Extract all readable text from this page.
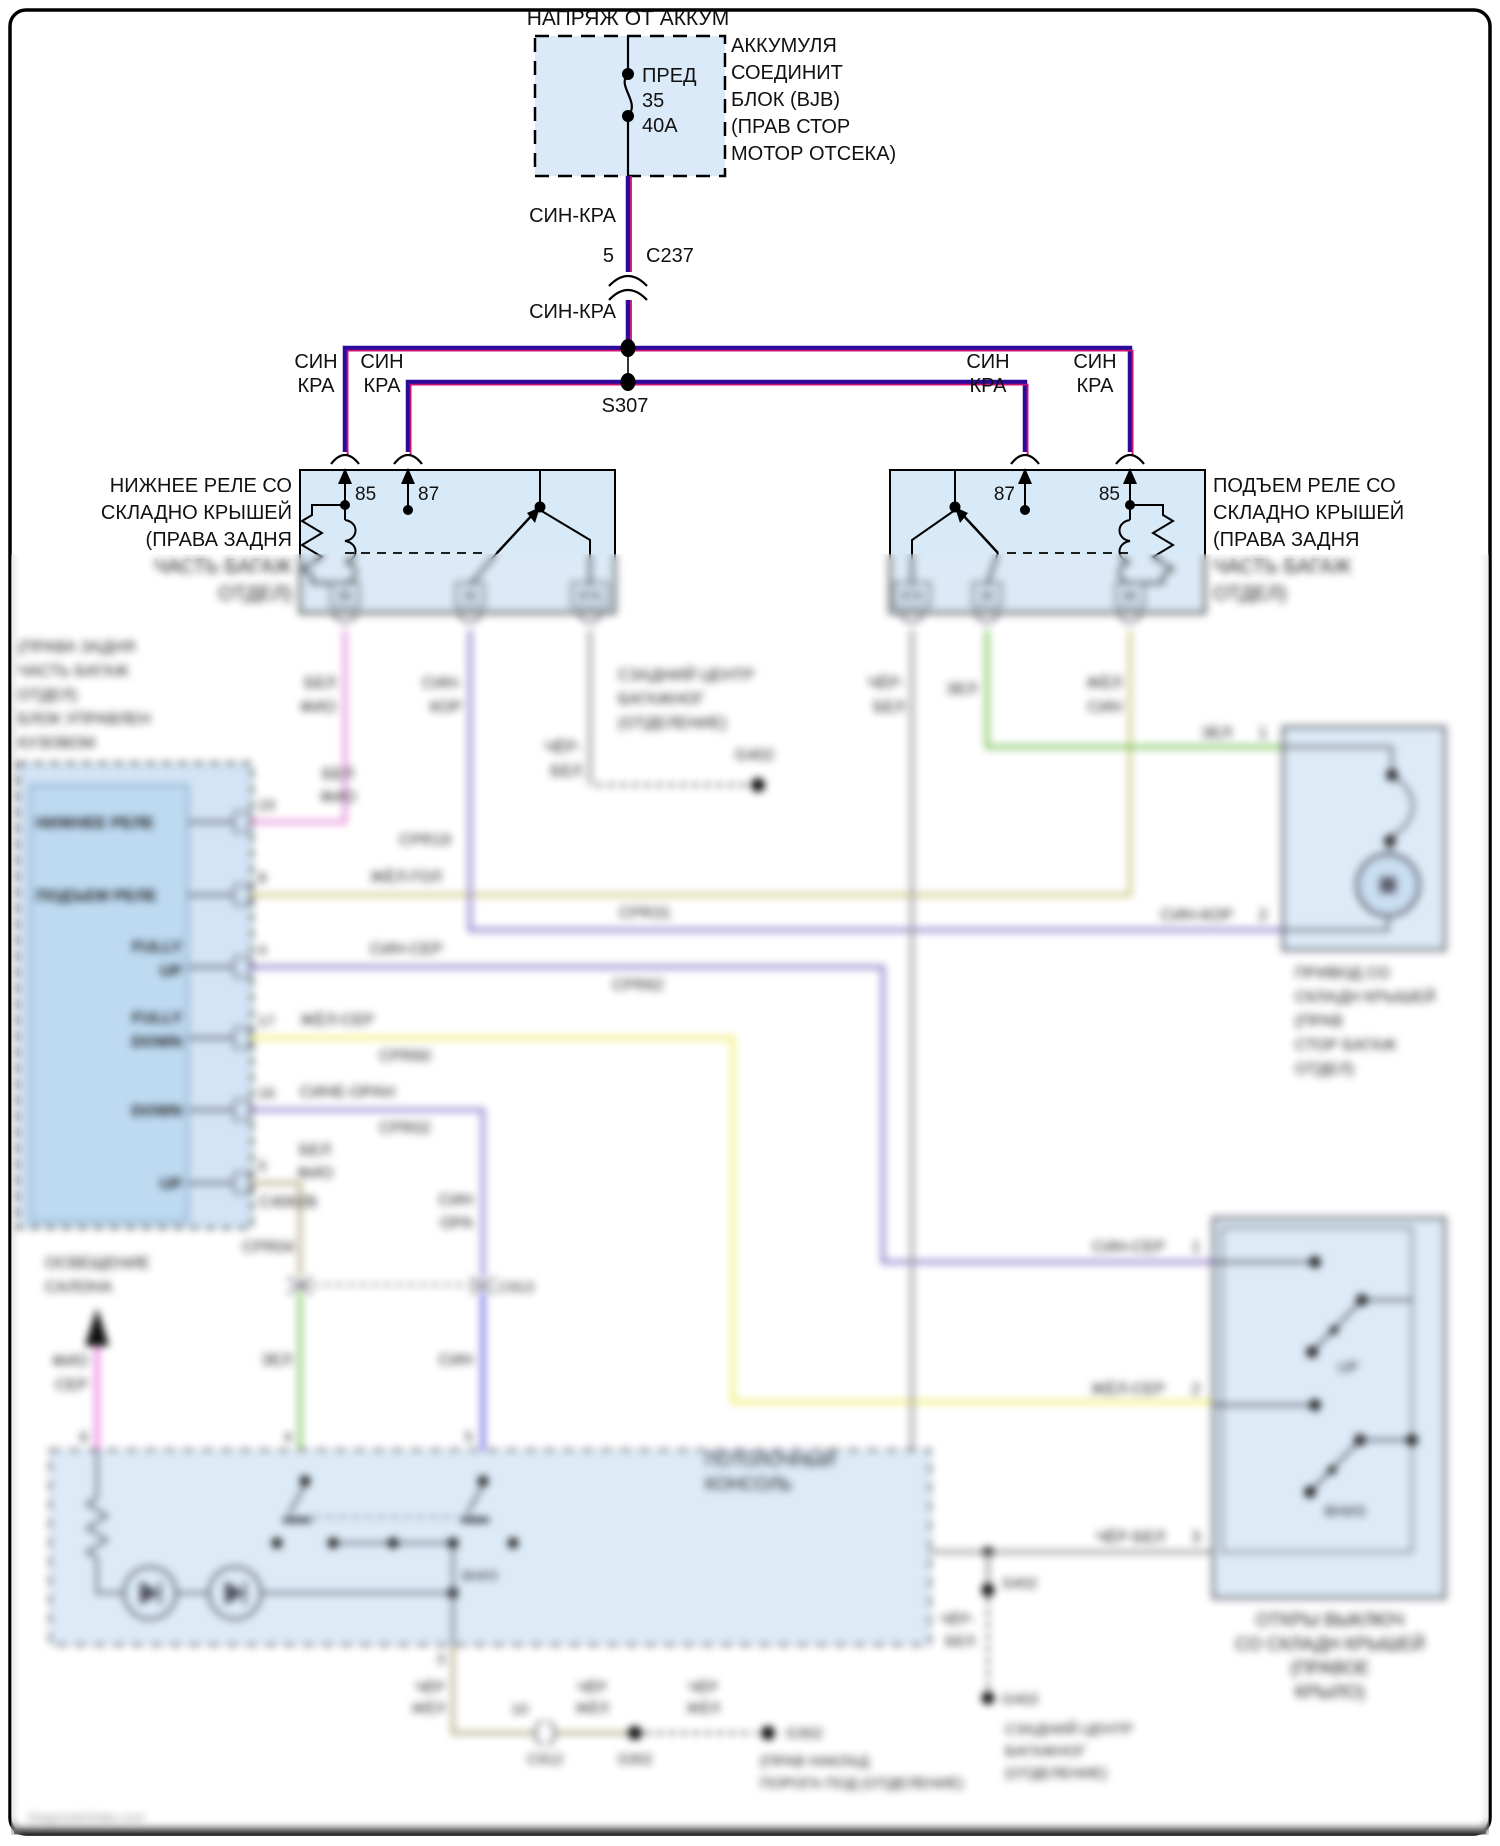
НАПРЯЖ ОТ АККУМ
ПРЕД
35
40А
АККУМУЛЯ
СОЕДИНИТ
БЛОК (BJB)
(ПРАВ СТОР
МОТОР ОТСЕКА)
СИН-КРА
5 C237
СИН-КРА
S307
СИН
КРА
СИН
КРА
СИН
КРА
СИН
КРА
85 87
86	30	87A
НИЖНЕЕ РЕЛЕ СО
СКЛАДНО КРЫШЕЙ
(ПРАВА ЗАДНЯ
ЧАСТЬ БАГАЖ
ОТДЕЛ)
87	85
87A	30	86
ПОДЪЕМ РЕЛЕ СО
СКЛАДНО КРЫШЕЙ
(ПРАВА ЗАДНЯ
ЧАСТЬ БАГАЖ
ОТДЕЛ)
(ПРАВА ЗАДНЯ
ЧАСТЬ БАГАЖ
ОТДЕЛ)
БЛОК УПРАВЛЕН
КУЗОВОМ
НИЖНЕЕ РЕЛЕ
ПОДЪЕМ РЕЛЕ
FULLY
UP
FULLY
DOWN
DOWN
UP
19
8
4
17
16
5
БЕЛ
ФИО
CPR19
ЖЁЛ-ГОЛ
CPR31
СИН-СЕР
CPR62
ЖЁЛ-СЕР
CPR60
СИНЕ-ОРАН
CPR02
БЕЛ
ФИО
C4062B
CPR04
БЕЛ
ФИО
СИН-
КОР
ЧЁР-
БЕЛ
ЗЕЛ	ЖЁЛ
СИН
СЗАДНИЙ ЦЕНТР
БАГАЖНОГ
(ОТДЕЛЕНИЕ)
ЧЁР-
БЕЛ
G402
ЗЕЛ 1
СИН-КОР 2
ПРИВОД СО
СКЛАДН КРЫШЕЙ
(ПРАВ
СТОР БАГАЖ
ОТДЕЛ)
ОСВЕЩЕНИЕ
САЛОНА
ФИО
СЕР
6
C913
СИН
ОРА
СИН
ЗЕЛ
4	5
ВНИЗ
ПОТОЛОЧНЫЙ
КОНСОЛЬ
3
ЧЁР
ЖЁЛ	10
C912
ЧЁР
ЖЁЛ
ЧЁР
ЖЁЛ
S302
G302
(ПРАВ НАКЛАД
ПОРОГА ПОД (ОТДЕЛЕНИЕ)
S402
ЧЁР-
БЕЛ
G402
СЗАДНИЙ ЦЕНТР
БАГАЖНОГ
(ОТДЕЛЕНИЕ)
UP
ВНИЗ
СИН-СЕР 1
ЖЁЛ-СЕР 2
ЧЁР-БЕЛ 3
ОТКРЫ ВЫКЛЮЧ
СО СКЛАДН КРЫШЕЙ
(ПРАВОЕ
КРЫЛО)
DiagnosticData.com
